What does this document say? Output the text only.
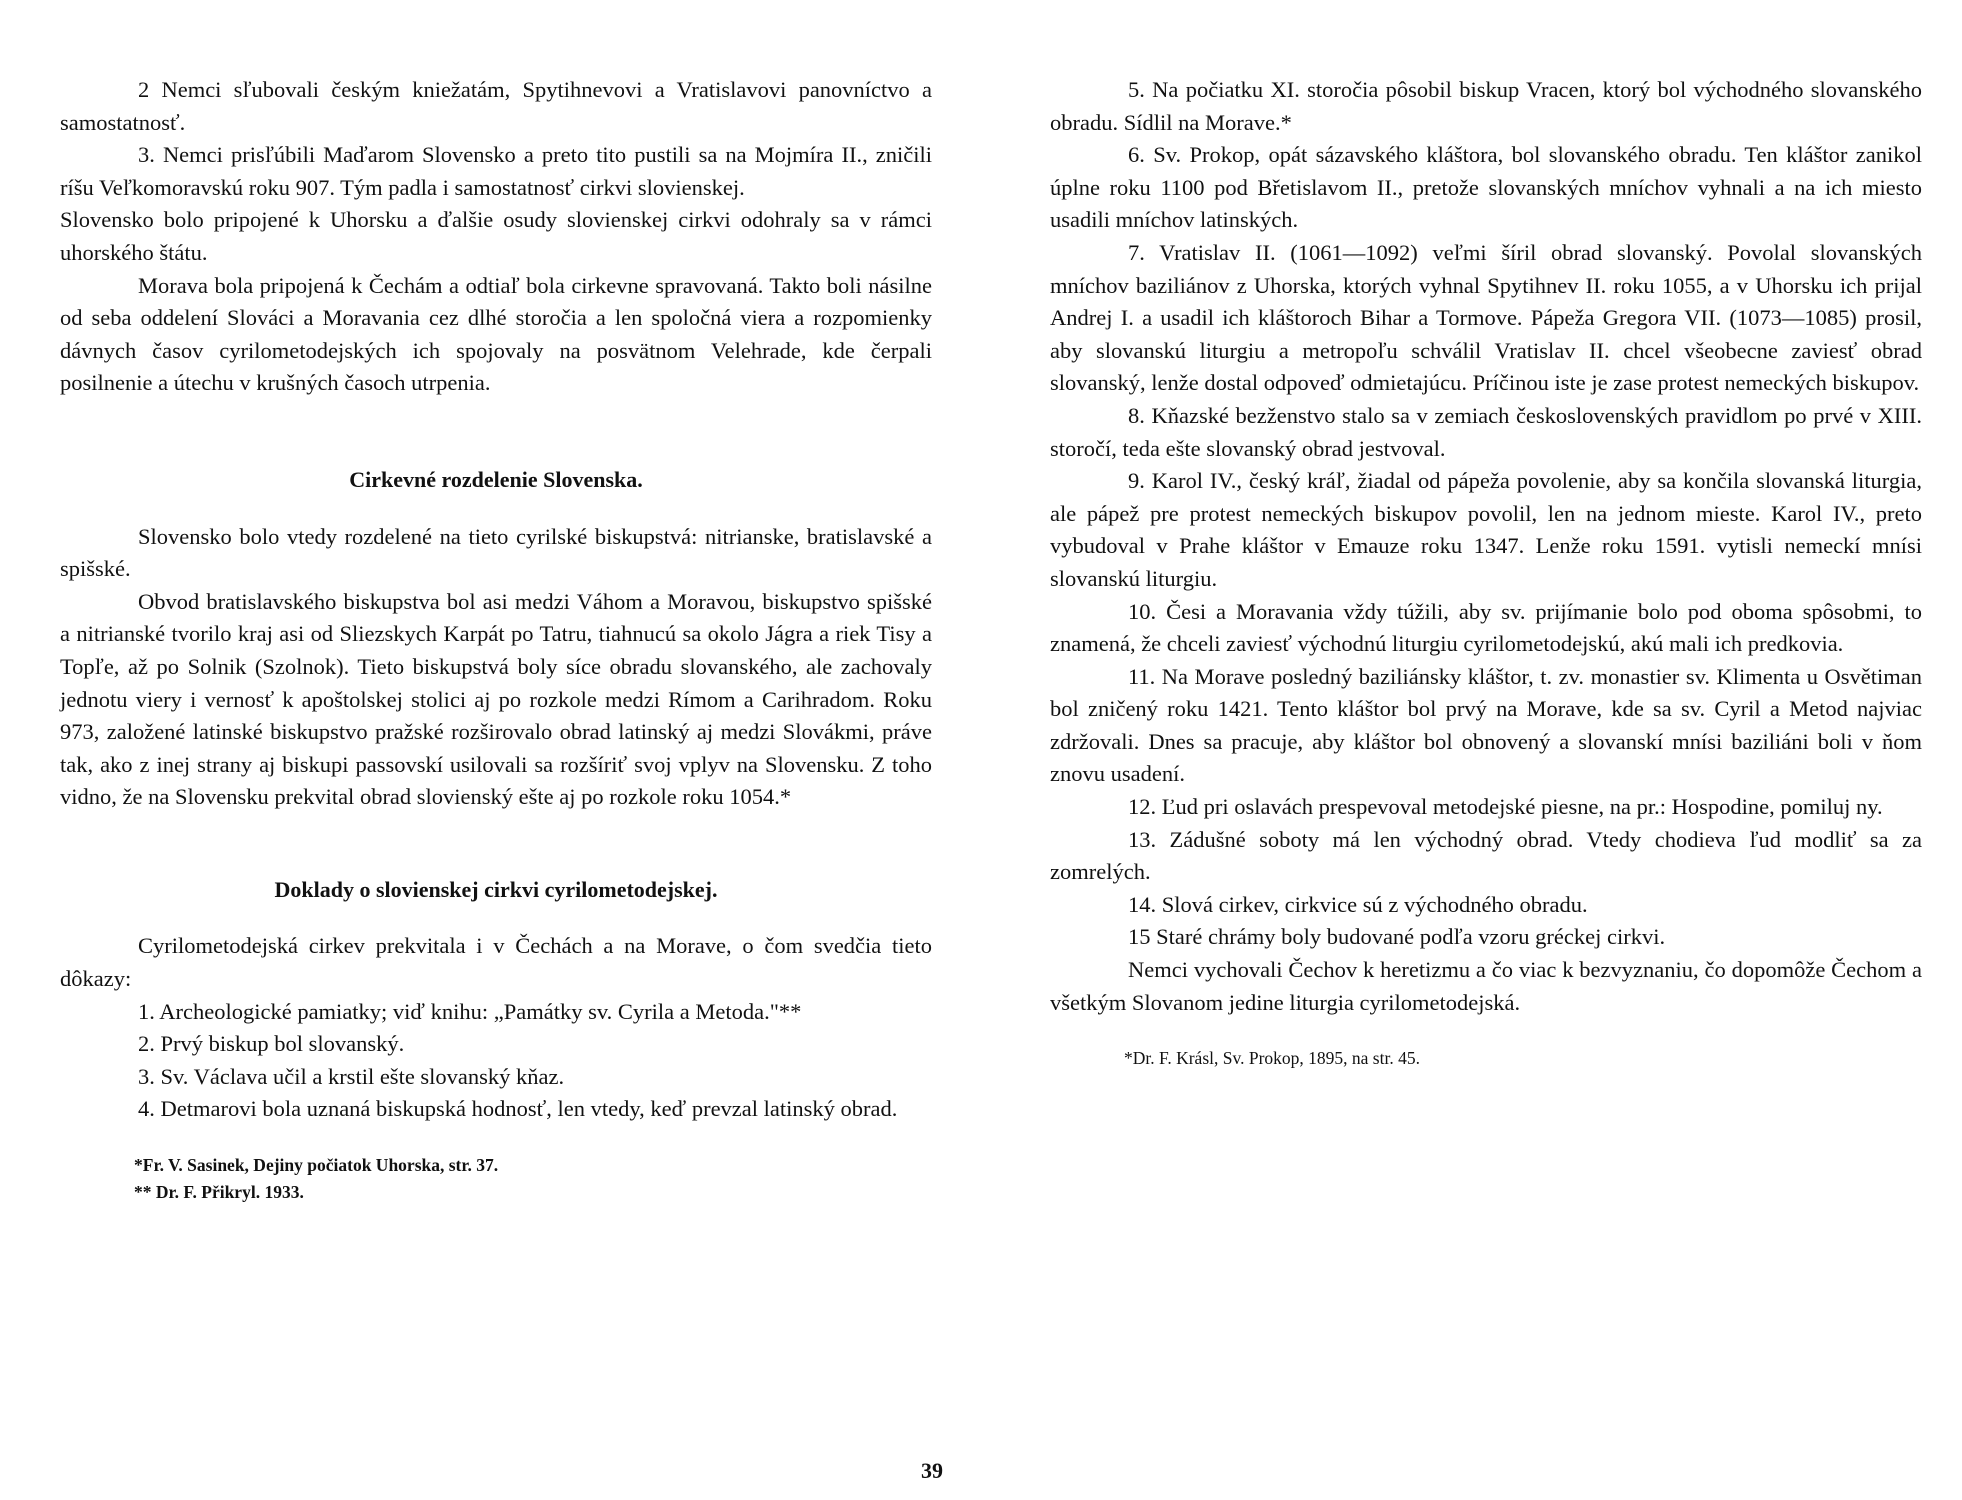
2 Nemci sľubovali českým kniežatám, Spytihnevovi a Vratislavovi panovníctvo a samostatnosť.

3. Nemci prisľúbili Maďarom Slovensko a preto tito pustili sa na Mojmíra II., zničili ríšu Veľkomoravskú roku 907. Tým padla i samostatnosť cirkvi slovienskej.

Slovensko bolo pripojené k Uhorsku a ďalšie osudy slovienskej cirkvi odohraly sa v rámci uhorského štátu.

Morava bola pripojená k Čechám a odtiaľ bola cirkevne spravovaná. Takto boli násilne od seba oddelení Slováci a Moravania cez dlhé storočia a len spoločná viera a rozpomienky dávnych časov cyrilometodejských ich spojovaly na posvätnom Velehrade, kde čerpali posilnenie a útechu v krušných časoch utrpenia.

Cirkevné rozdelenie Slovenska.

Slovensko bolo vtedy rozdelené na tieto cyrilské biskupstvá: nitrianske, bratislavské a spišské.

Obvod bratislavského biskupstva bol asi medzi Váhom a Moravou, biskupstvo spišské a nitrianské tvorilo kraj asi od Sliezskych Karpát po Tatru, tiahnucú sa okolo Jágra a riek Tisy a Topľe, až po Solnik (Szolnok). Tieto biskupstvá boly síce obradu slovanského, ale zachovaly jednotu viery i vernosť k apoštolskej stolici aj po rozkole medzi Rímom a Carihradom. Roku 973, založené latinské biskupstvo pražské rozširovalo obrad latinský aj medzi Slovákmi, práve tak, ako z inej strany aj biskupi passovskí usilovali sa rozšíriť svoj vplyv na Slovensku. Z toho vidno, že na Slovensku prekvital obrad slovienský ešte aj po rozkole roku 1054.*

Doklady o slovienskej cirkvi cyrilometodejskej.

Cyrilometodejská cirkev prekvitala i v Čechách a na Morave, o čom svedčia tieto dôkazy:

1. Archeologické pamiatky; viď knihu: „Památky sv. Cyrila a Metoda."**

2. Prvý biskup bol slovanský.

3. Sv. Václava učil a krstil ešte slovanský kňaz.

4. Detmarovi bola uznaná biskupská hodnosť, len vtedy, keď prevzal latinský obrad.

*Fr. V. Sasinek, Dejiny počiatok Uhorska, str. 37.
** Dr. F. Přikryl. 1933.

5. Na počiatku XI. storočia pôsobil biskup Vracen, ktorý bol východného slovanského obradu. Sídlil na Morave.*

6. Sv. Prokop, opát sázavského kláštora, bol slovanského obradu. Ten kláštor zanikol úplne roku 1100 pod Břetislavom II., pretože slovanských mníchov vyhnali a na ich miesto usadili mníchov latinských.

7. Vratislav II. (1061—1092) veľmi šíril obrad slovanský. Povolal slovanských mníchov baziliánov z Uhorska, ktorých vyhnal Spytihnev II. roku 1055, a v Uhorsku ich prijal Andrej I. a usadil ich kláštoroch Bihar a Tormove. Pápeža Gregora VII. (1073—1085) prosil, aby slovanskú liturgiu a metropoľu schválil Vratislav II. chcel všeobecne zaviesť obrad slovanský, lenže dostal odpoveď odmietajúcu. Príčinou iste je zase protest nemeckých biskupov.

8. Kňazské bezženstvo stalo sa v zemiach československých pravidlom po prvé v XIII. storočí, teda ešte slovanský obrad jestvoval.

9. Karol IV., český kráľ, žiadal od pápeža povolenie, aby sa končila slovanská liturgia, ale pápež pre protest nemeckých biskupov povolil, len na jednom mieste. Karol IV., preto vybudoval v Prahe kláštor v Emauze roku 1347. Lenže roku 1591. vytisli nemeckí mnísi slovanskú liturgiu.

10. Česi a Moravania vždy túžili, aby sv. prijímanie bolo pod oboma spôsobmi, to znamená, že chceli zaviesť východnú liturgiu cyrilometodejskú, akú mali ich predkovia.

11. Na Morave posledný baziliánsky kláštor, t. zv. monastier sv. Klimenta u Osvětiman bol zničený roku 1421. Tento kláštor bol prvý na Morave, kde sa sv. Cyril a Metod najviac zdržovali. Dnes sa pracuje, aby kláštor bol obnovený a slovanskí mnísi baziliáni boli v ňom znovu usadení.

12. Ľud pri oslavách prespevoval metodejské piesne, na pr.: Hospodine, pomiluj ny.

13. Zádušné soboty má len východný obrad. Vtedy chodieva ľud modliť sa za zomrelých.

14. Slová cirkev, cirkvice sú z východného obradu.

15 Staré chrámy boly budované podľa vzoru gréckej cirkvi.

Nemci vychovali Čechov k heretizmu a čo viac k bezvyznaniu, čo dopomôže Čechom a všetkým Slovanom jedine liturgia cyrilometodejská.

*Dr. F. Krásl, Sv. Prokop, 1895, na str. 45.
39
